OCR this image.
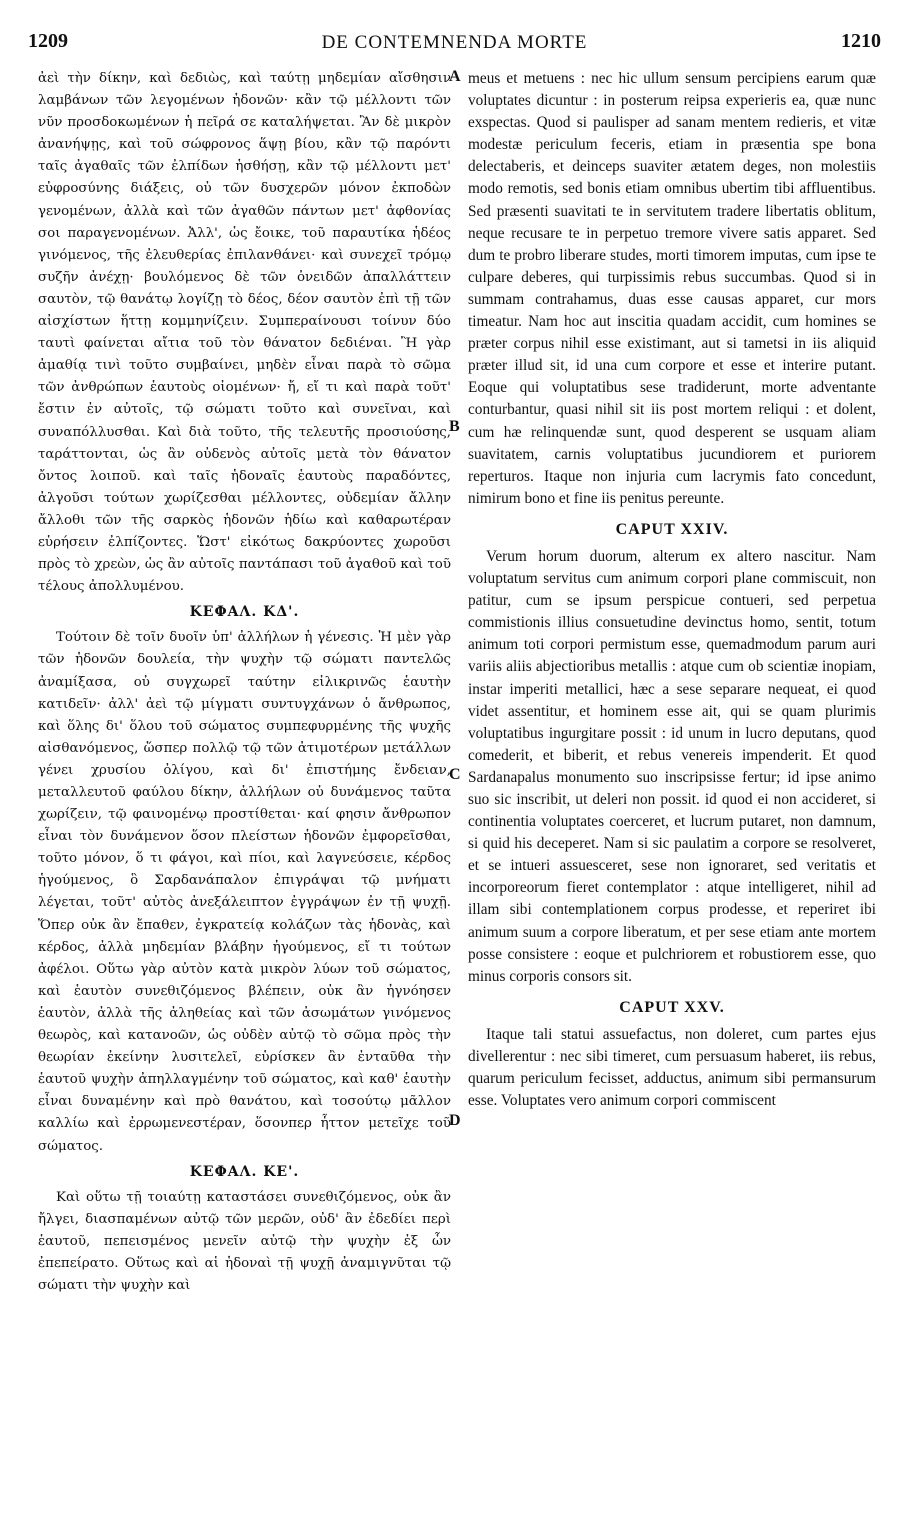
1209	DE CONTEMNENDA MORTE	1210

ἀεὶ τὴν δίκην, καὶ δεδιὼς, καὶ ταύτῃ μηδεμίαν αἴσθησιν λαμβάνων τῶν λεγομένων ἡδονῶν· κἂν τῷ μέλλοντι τῶν νῦν προσδοκωμένων ἡ πεῖρά σε καταλήψεται. Ἂν δὲ μικρὸν ἀνανήψῃς, καὶ τοῦ σώφρονος ἅψῃ βίου, κἂν τῷ παρόντι ταῖς ἀγαθαῖς τῶν ἐλπίδων ἡσθήσῃ, κἂν τῷ μέλλοντι μετ' εὐφροσύνης διάξεις, οὐ τῶν δυσχερῶν μόνον ἐκποδὼν γενομένων, ἀλλὰ καὶ τῶν ἀγαθῶν πάντων μετ' ἀφθονίας σοι παραγενομένων. Ἀλλ', ὡς ἔοικε, τοῦ παραυτίκα ἡδέος γινόμενος, τῆς ἐλευθερίας ἐπιλανθάνει· καὶ συνεχεῖ τρόμῳ συζῆν ἀνέχῃ· βουλόμενος δὲ τῶν ὀνειδῶν ἀπαλλάττειν σαυτὸν, τῷ θανάτῳ λογίζῃ τὸ δέος, δέον σαυτὸν ἐπὶ τῇ τῶν αἰσχίστων ἥττῃ κομμηνίζειν. Συμπεραίνουσι τοίνυν δύο ταυτὶ φαίνεται αἴτια τοῦ τὸν θάνατον δεδιέναι. Ἢ γὰρ ἀμαθίᾳ τινὶ τοῦτο συμβαίνει, μηδὲν εἶναι παρὰ τὸ σῶμα τῶν ἀνθρώπων ἑαυτοὺς οἰομένων· ἤ, εἴ τι καὶ παρὰ τοῦτ' ἔστιν ἐν αὐτοῖς, τῷ σώματι τοῦτο καὶ συνεῖναι, καὶ συναπόλλυσθαι. Καὶ διὰ τοῦτο, τῆς τελευτῆς προσιούσης, ταράττονται, ὡς ἂν οὐδενὸς αὐτοῖς μετὰ τὸν θάνατον ὄντος λοιποῦ. καὶ ταῖς ἡδοναῖς ἑαυτοὺς παραδόντες, ἀλγοῦσι τούτων χωρίζεσθαι μέλλοντες, οὐδεμίαν ἄλλην ἄλλοθι τῶν τῆς σαρκὸς ἡδονῶν ἡδίω καὶ καθαρωτέραν εὑρήσειν ἐλπίζοντες. Ὥστ' εἰκότως δακρύοντες χωροῦσι πρὸς τὸ χρεὼν, ὡς ἂν αὐτοῖς παντάπασι τοῦ ἀγαθοῦ καὶ τοῦ τέλους ἀπολλυμένου.

ΚΕΦΑΛ. ΚΔ'.

Τούτοιν δὲ τοῖν δυοῖν ὑπ' ἀλλήλων ἡ γένεσις. Ἡ μὲν γὰρ τῶν ἡδονῶν δουλεία, τὴν ψυχὴν τῷ σώματι παντελῶς ἀναμίξασα, οὐ συγχωρεῖ ταύτην εἰλικρινῶς ἑαυτὴν κατιδεῖν· ἀλλ' ἀεὶ τῷ μίγματι συντυγχάνων ὁ ἄνθρωπος, καὶ ὅλης δι' ὅλου τοῦ σώματος συμπεφυρμένης τῆς ψυχῆς αἰσθανόμενος, ὥσπερ πολλῷ τῷ τῶν ἀτιμοτέρων μετάλλων γένει χρυσίου ὀλίγου, καὶ δι' ἐπιστήμης ἔνδειαν, μεταλλευτοῦ φαύλου δίκην, ἀλλήλων οὐ δυνάμενος ταῦτα χωρίζειν, τῷ φαινομένῳ προστίθεται· καί φησιν ἄνθρωπον εἶναι τὸν δυνάμενον ὅσον πλείστων ἡδονῶν ἐμφορεῖσθαι, τοῦτο μόνον, ὅ τι φάγοι, καὶ πίοι, καὶ λαγνεύσειε, κέρδος ἡγούμενος, ὃ Σαρδανάπαλον ἐπιγράψαι τῷ μνήματι λέγεται, τοῦτ' αὐτὸς ἀνεξάλειπτον ἐγγράψων ἐν τῇ ψυχῇ. Ὅπερ οὐκ ἂν ἔπαθεν, ἐγκρατείᾳ κολάζων τὰς ἡδονὰς, καὶ κέρδος, ἀλλὰ μηδεμίαν βλάβην ἡγούμενος, εἴ τι τούτων ἀφέλοι. Οὕτω γὰρ αὐτὸν κατὰ μικρὸν λύων τοῦ σώματος, καὶ ἑαυτὸν συνεθιζόμενος βλέπειν, οὐκ ἂν ἠγνόησεν ἑαυτὸν, ἀλλὰ τῆς ἀληθείας καὶ τῶν ἀσωμάτων γινόμενος θεωρὸς, καὶ κατανοῶν, ὡς οὐδὲν αὐτῷ τὸ σῶμα πρὸς τὴν θεωρίαν ἐκείνην λυσιτελεῖ, εὑρίσκεν ἂν ἐνταῦθα τὴν ἑαυτοῦ ψυχὴν ἀπηλλαγμένην τοῦ σώματος, καὶ καθ' ἑαυτὴν εἶναι δυναμένην καὶ πρὸ θανάτου, καὶ τοσούτῳ μᾶλλον καλλίω καὶ ἐρρωμενεστέραν, ὅσονπερ ἧττον μετεῖχε τοῦ σώματος.

ΚΕΦΑΛ. ΚΕ'.

Καὶ οὕτω τῇ τοιαύτῃ καταστάσει συνεθιζόμενος, οὐκ ἂν ἤλγει, διασπαμένων αὐτῷ τῶν μερῶν, οὐδ' ἂν ἐδεδίει περὶ ἑαυτοῦ, πεπεισμένος μενεῖν αὐτῷ τὴν ψυχὴν ἐξ ὧν ἐπεπείρατο. Οὕτως καὶ αἱ ἡδοναὶ τῇ ψυχῇ ἀναμιγνῦται τῷ σώματι τὴν ψυχὴν καὶ

meus et metuens : nec hic ullum sensum percipiens earum quæ voluptates dicuntur : in posterum reipsa experieris ea, quæ nunc exspectas. Quod si paulisper ad sanam mentem redieris, et vitæ modestæ periculum feceris, etiam in præsentia spe bona delectaberis, et deinceps suaviter ætatem deges, non molestiis modo remotis, sed bonis etiam omnibus ubertim tibi affluentibus. Sed præsenti suavitati te in servitutem tradere libertatis oblitum, neque recusare te in perpetuo tremore vivere satis apparet. Sed dum te probro liberare studes, morti timorem imputas, cum ipse te culpare deberes, qui turpissimis rebus succumbas. Quod si in summam contrahamus, duas esse causas apparet, cur mors timeatur. Nam hoc aut inscitia quadam accidit, cum homines se præter corpus nihil esse existimant, aut si tametsi in iis aliquid præter illud sit, id una cum corpore et esse et interire putant. Eoque qui voluptatibus sese tradiderunt, morte adventante conturbantur, quasi nihil sit iis post mortem reliqui : et dolent, cum hæ relinquendæ sunt, quod desperent se usquam aliam suavitatem, carnis voluptatibus jucundiorem et puriorem reperturos. Itaque non injuria cum lacrymis fato concedunt, nimirum bono et fine iis penitus pereunte.

CAPUT XXIV.

Verum horum duorum, alterum ex altero nascitur. Nam voluptatum servitus cum animum corpori plane commiscuit, non patitur, cum se ipsum perspicue contueri, sed perpetua commistionis illius consuetudine devinctus homo, sentit, totum animum toti corpori permistum esse, quemadmodum parum auri variis aliis abjectioribus metallis : atque cum ob scientiæ inopiam, instar imperiti metallici, hæc a sese separare nequeat, ei quod videt assentitur, et hominem esse ait, qui se quam plurimis voluptatibus ingurgitare possit : id unum in lucro deputans, quod comederit, et biberit, et rebus venereis impenderit. Et quod Sardanapalus monumento suo inscripsisse fertur; id ipse animo suo sic inscribit, ut deleri non possit. id quod ei non accideret, si continentia voluptates coerceret, et lucrum putaret, non damnum, si quid his deceperet. Nam si sic paulatim a corpore se resolveret, et se intueri assuesceret, sese non ignoraret, sed veritatis et incorporeorum fieret contemplator : atque intelligeret, nihil ad illam sibi contemplationem corpus prodesse, et reperiret ibi animum suum a corpore liberatum, et per sese etiam ante mortem posse consistere : eoque et pulchriorem et robustiorem esse, quo minus corporis consors sit.

CAPUT XXV.

Itaque tali statui assuefactus, non doleret, cum partes ejus divellerentur : nec sibi timeret, cum persuasum haberet, iis rebus, quarum periculum fecisset, adductus, animum sibi permansurum esse. Voluptates vero animum corpori commiscent

A
B
C
D
